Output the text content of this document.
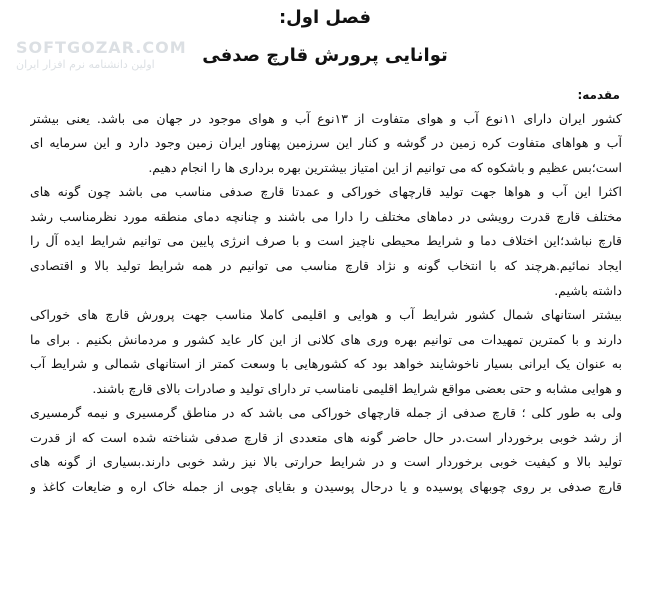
SOFTGOZAR.COM
اولین دانشنامه نرم افزار ایران
فصل اول:
توانایی پرورش قارچ صدفی
مقدمه:
کشور ایران دارای ۱۱نوع آب و هوای متفاوت از ۱۳نوع آب و هوای موجود در جهان می باشد. یعنی بیشتر
آب و هواهای متفاوت کره زمین در گوشه و کنار این سرزمین پهناور ایران زمین وجود دارد و این سرمایه ای
است؛بس عظیم و باشکوه که می توانیم از این امتیاز بیشترین بهره برداری ها را انجام دهیم.
اکثرا این آب و هواها جهت تولید قارچهای خوراکی و عمدتا قارچ صدفی مناسب می باشد چون گونه های
مختلف قارچ قدرت رویشی در دماهای مختلف را دارا می باشند و چنانچه دمای منطقه مورد نظرمناسب رشد
قارچ نباشد؛این اختلاف دما و شرایط محیطی ناچیز است و با صرف انرژی پایین می توانیم شرایط ایده آل را
ایجاد نمائیم.هرچند که با انتخاب گونه و نژاد قارچ مناسب می توانیم در همه شرایط تولید بالا و اقتصادی
داشته باشیم.
بیشتر استانهای شمال کشور شرایط آب و هوایی و اقلیمی کاملا مناسب جهت پرورش قارچ های خوراکی
دارند و با کمترین تمهیدات می توانیم بهره وری های کلانی از این کار عاید کشور و مردمانش بکنیم . برای ما
به عنوان یک ایرانی بسیار ناخوشایند خواهد بود که کشورهایی با وسعت کمتر از استانهای شمالی و شرایط آب
و هوایی مشابه و حتی بعضی مواقع شرایط اقلیمی نامناسب تر دارای تولید و صادرات بالای قارچ باشند.
ولی به طور کلی ؛ قارچ صدفی از جمله قارچهای خوراکی می باشد که در مناطق گرمسیری و نیمه گرمسیری
از رشد خوبی برخوردار است.در حال حاضر گونه های متعددی از قارچ صدفی شناخته شده است که از قدرت
تولید بالا و کیفیت خوبی برخوردار است و در شرایط حرارتی بالا نیز رشد خوبی دارند.بسیاری از گونه های
قارچ صدفی بر روی چوبهای پوسیده و یا درحال پوسیدن و بقایای چوبی از جمله خاک اره و ضایعات کاغذ و
